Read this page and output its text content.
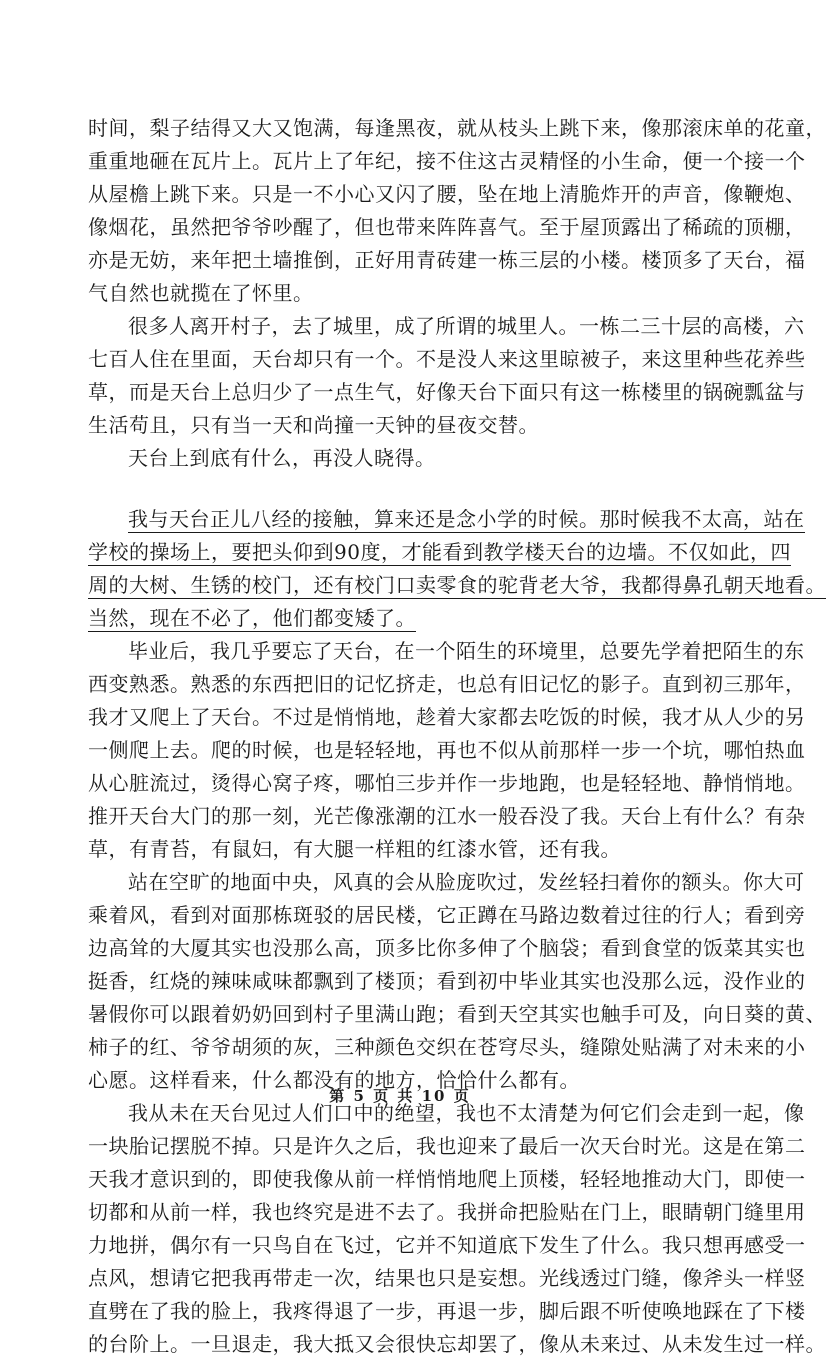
时间，梨子结得又大又饱满，每逢黑夜，就从枝头上跳下来，像那滚床单的花童，
重重地砸在瓦片上。瓦片上了年纪，接不住这古灵精怪的小生命，便一个接一个
从屋檐上跳下来。只是一不小心又闪了腰，坠在地上清脆炸开的声音，像鞭炮、
像烟花，虽然把爷爷吵醒了，但也带来阵阵喜气。至于屋顶露出了稀疏的顶棚，
亦是无妨，来年把土墙推倒，正好用青砖建一栋三层的小楼。楼顶多了天台，福
气自然也就揽在了怀里。
很多人离开村子，去了城里，成了所谓的城里人。一栋二三十层的高楼，六
七百人住在里面，天台却只有一个。不是没人来这里晾被子，来这里种些花养些
草，而是天台上总归少了一点生气，好像天台下面只有这一栋楼里的锅碗瓢盆与
生活苟且，只有当一天和尚撞一天钟的昼夜交替。
天台上到底有什么，再没人晓得。
我与天台正儿八经的接触，算来还是念小学的时候。那时候我不太高，站在
学校的操场上，要把头仰到90度，才能看到教学楼天台的边墙。不仅如此，四
周的大树、生锈的校门，还有校门口卖零食的驼背老大爷，我都得鼻孔朝天地看。
当然，现在不必了，他们都变矮了。
毕业后，我几乎要忘了天台，在一个陌生的环境里，总要先学着把陌生的东
西变熟悉。熟悉的东西把旧的记忆挤走，也总有旧记忆的影子。直到初三那年，
我才又爬上了天台。不过是悄悄地，趁着大家都去吃饭的时候，我才从人少的另
一侧爬上去。爬的时候，也是轻轻地，再也不似从前那样一步一个坑，哪怕热血
从心脏流过，烫得心窝子疼，哪怕三步并作一步地跑，也是轻轻地、静悄悄地。
推开天台大门的那一刻，光芒像涨潮的江水一般吞没了我。天台上有什么？有杂
草，有青苔，有鼠妇，有大腿一样粗的红漆水管，还有我。
站在空旷的地面中央，风真的会从脸庞吹过，发丝轻扫着你的额头。你大可
乘着风，看到对面那栋斑驳的居民楼，它正蹲在马路边数着过往的行人；看到旁
边高耸的大厦其实也没那么高，顶多比你多伸了个脑袋；看到食堂的饭菜其实也
挺香，红烧的辣味咸味都飘到了楼顶；看到初中毕业其实也没那么远，没作业的
暑假你可以跟着奶奶回到村子里满山跑；看到天空其实也触手可及，向日葵的黄、
柿子的红、爷爷胡须的灰，三种颜色交织在苍穹尽头，缝隙处贴满了对未来的小
心愿。这样看来，什么都没有的地方，恰恰什么都有。
我从未在天台见过人们口中的绝望，我也不太清楚为何它们会走到一起，像
一块胎记摆脱不掉。只是许久之后，我也迎来了最后一次天台时光。这是在第二
天我才意识到的，即使我像从前一样悄悄地爬上顶楼，轻轻地推动大门，即使一
切都和从前一样，我也终究是进不去了。我拼命把脸贴在门上，眼睛朝门缝里用
力地拼，偶尔有一只鸟自在飞过，它并不知道底下发生了什么。我只想再感受一
点风，想请它把我再带走一次，结果也只是妄想。光线透过门缝，像斧头一样竖
直劈在了我的脸上，我疼得退了一步，再退一步，脚后跟不听使唤地踩在了下楼
的台阶上。一旦退走，我大抵又会很快忘却罢了，像从未来过、从未发生过一样。
第 5 页 共 10 页
